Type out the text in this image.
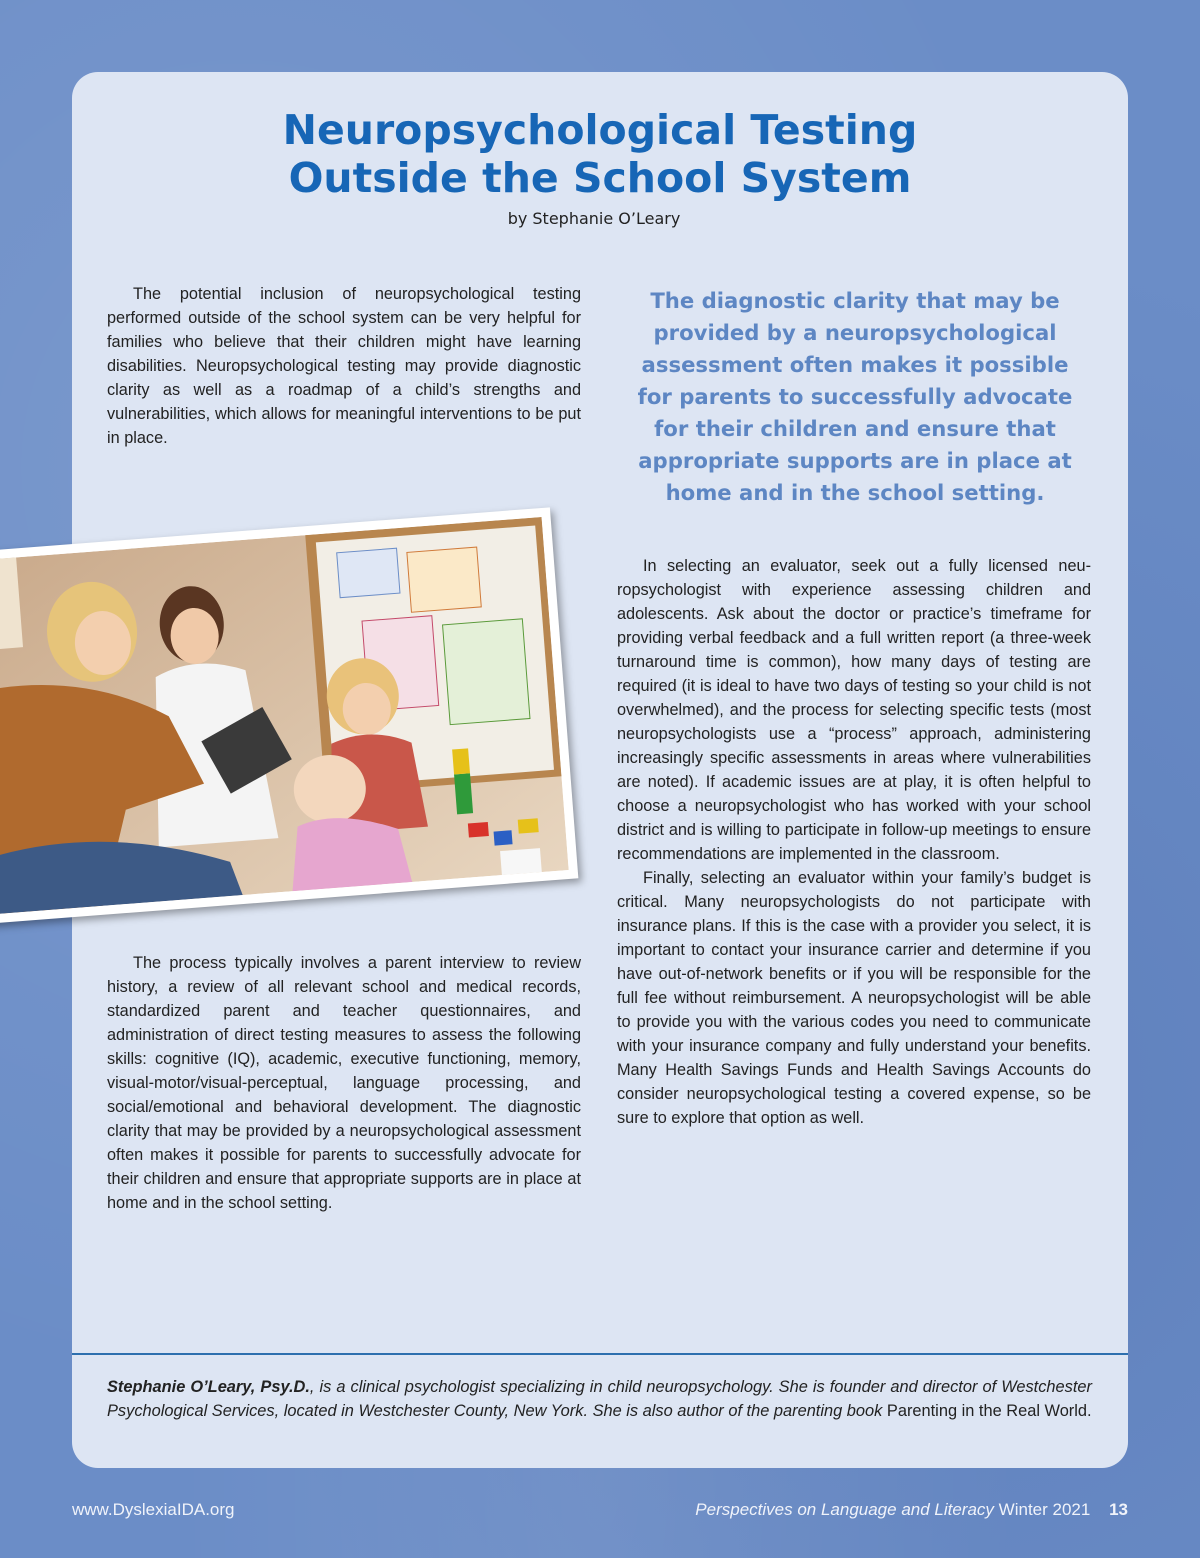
Neuropsychological Testing
Outside the School System
by Stephanie O’Leary

The potential inclusion of neuropsychological testing performed outside of the school system can be very helpful for families who believe that their children might have learning disabilities. Neuropsychological testing may provide diagnostic clarity as well as a roadmap of a child’s strengths and vulnerabilities, which allows for meaningful interventions to be put in place.

The diagnostic clarity that may be provided by a neuropsychological assessment often makes it possible for parents to successfully advocate for their children and ensure that appropriate supports are in place at home and in the school setting.

The process typically involves a parent interview to review history, a review of all relevant school and medical records, standardized parent and teacher questionnaires, and administration of direct testing measures to assess the following skills: cognitive (IQ), academic, executive functioning, memory, visual-motor/visual-perceptual, language processing, and social/emotional and behavioral development. The diagnostic clarity that may be provided by a neuropsychological assessment often makes it possible for parents to successfully advocate for their children and ensure that appropriate supports are in place at home and in the school setting.

In selecting an evaluator, seek out a fully licensed neuropsychologist with experience assessing children and adolescents. Ask about the doctor or practice’s timeframe for providing verbal feedback and a full written report (a three-week turnaround time is common), how many days of testing are required (it is ideal to have two days of testing so your child is not overwhelmed), and the process for selecting specific tests (most neuropsychologists use a “process” approach, administering increasingly specific assessments in areas where vulnerabilities are noted). If academic issues are at play, it is often helpful to choose a neuropsychologist who has worked with your school district and is willing to participate in follow-up meetings to ensure recommendations are implemented in the classroom.

Finally, selecting an evaluator within your family’s budget is critical. Many neuropsychologists do not participate with insurance plans. If this is the case with a provider you select, it is important to contact your insurance carrier and determine if you have out-of-network benefits or if you will be responsible for the full fee without reimbursement. A neuropsychologist will be able to provide you with the various codes you need to communicate with your insurance company and fully understand your benefits. Many Health Savings Funds and Health Savings Accounts do consider neuropsychological testing a covered expense, so be sure to explore that option as well.

Stephanie O’Leary, Psy.D., is a clinical psychologist specializing in child neuropsychology. She is founder and director of Westchester Psychological Services, located in Westchester County, New York. She is also author of the parenting book Parenting in the Real World.

www.DyslexiaIDA.org	Perspectives on Language and Literacy Winter 2021 13
